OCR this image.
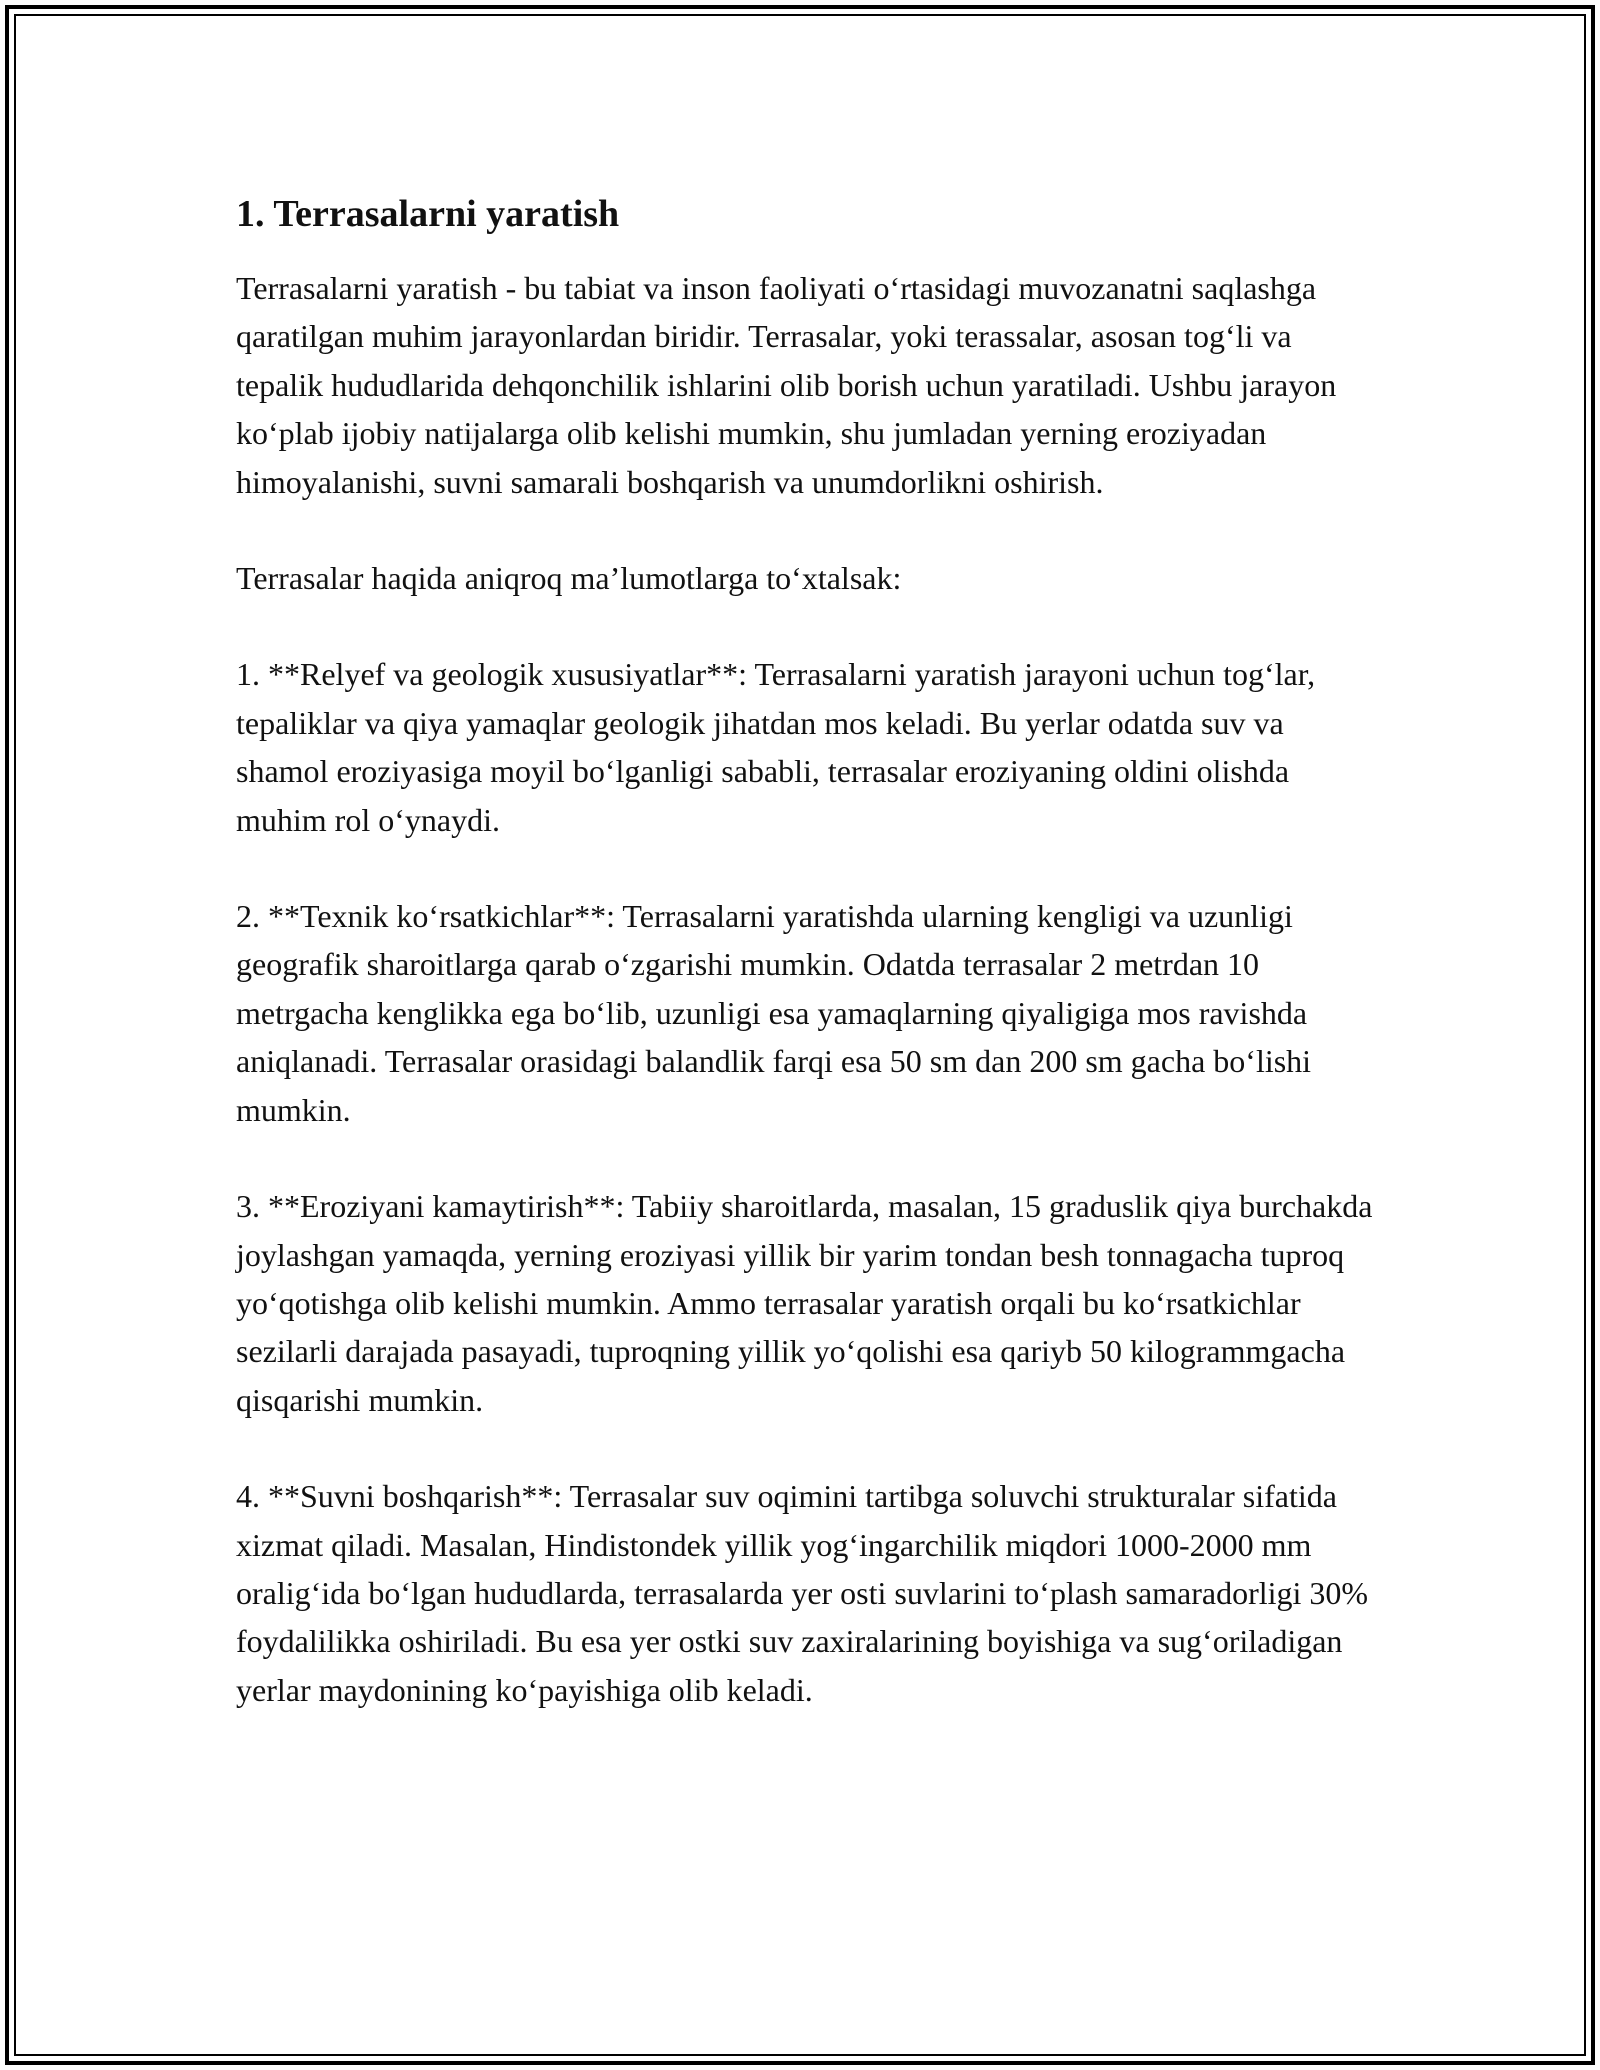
1. Terrasalarni yaratish

Terrasalarni yaratish - bu tabiat va inson faoliyati o‘rtasidagi muvozanatni saqlashga qaratilgan muhim jarayonlardan biridir. Terrasalar, yoki terassalar, asosan tog‘li va tepalik hududlarida dehqonchilik ishlarini olib borish uchun yaratiladi. Ushbu jarayon ko‘plab ijobiy natijalarga olib kelishi mumkin, shu jumladan yerning eroziyadan himoyalanishi, suvni samarali boshqarish va unumdorlikni oshirish.

Terrasalar haqida aniqroq ma’lumotlarga to‘xtalsak:

1. **Relyef va geologik xususiyatlar**: Terrasalarni yaratish jarayoni uchun tog‘lar, tepaliklar va qiya yamaqlar geologik jihatdan mos keladi. Bu yerlar odatda suv va shamol eroziyasiga moyil bo‘lganligi sababli, terrasalar eroziyaning oldini olishda muhim rol o‘ynaydi.

2. **Texnik ko‘rsatkichlar**: Terrasalarni yaratishda ularning kengligi va uzunligi geografik sharoitlarga qarab o‘zgarishi mumkin. Odatda terrasalar 2 metrdan 10 metrgacha kenglikka ega bo‘lib, uzunligi esa yamaqlarning qiyaligiga mos ravishda aniqlanadi. Terrasalar orasidagi balandlik farqi esa 50 sm dan 200 sm gacha bo‘lishi mumkin.

3. **Eroziyani kamaytirish**: Tabiiy sharoitlarda, masalan, 15 graduslik qiya burchakda joylashgan yamaqda, yerning eroziyasi yillik bir yarim tondan besh tonnagacha tuproq yo‘qotishga olib kelishi mumkin. Ammo terrasalar yaratish orqali bu ko‘rsatkichlar sezilarli darajada pasayadi, tuproqning yillik yo‘qolishi esa qariyb 50 kilogrammgacha qisqarishi mumkin.

4. **Suvni boshqarish**: Terrasalar suv oqimini tartibga soluvchi strukturalar sifatida xizmat qiladi. Masalan, Hindistondek yillik yog‘ingarchilik miqdori 1000-2000 mm oralig‘ida bo‘lgan hududlarda, terrasalarda yer osti suvlarini to‘plash samaradorligi 30% foydalilikka oshiriladi. Bu esa yer ostki suv zaxiralarining boyishiga va sug‘oriladigan yerlar maydonining ko‘payishiga olib keladi.
